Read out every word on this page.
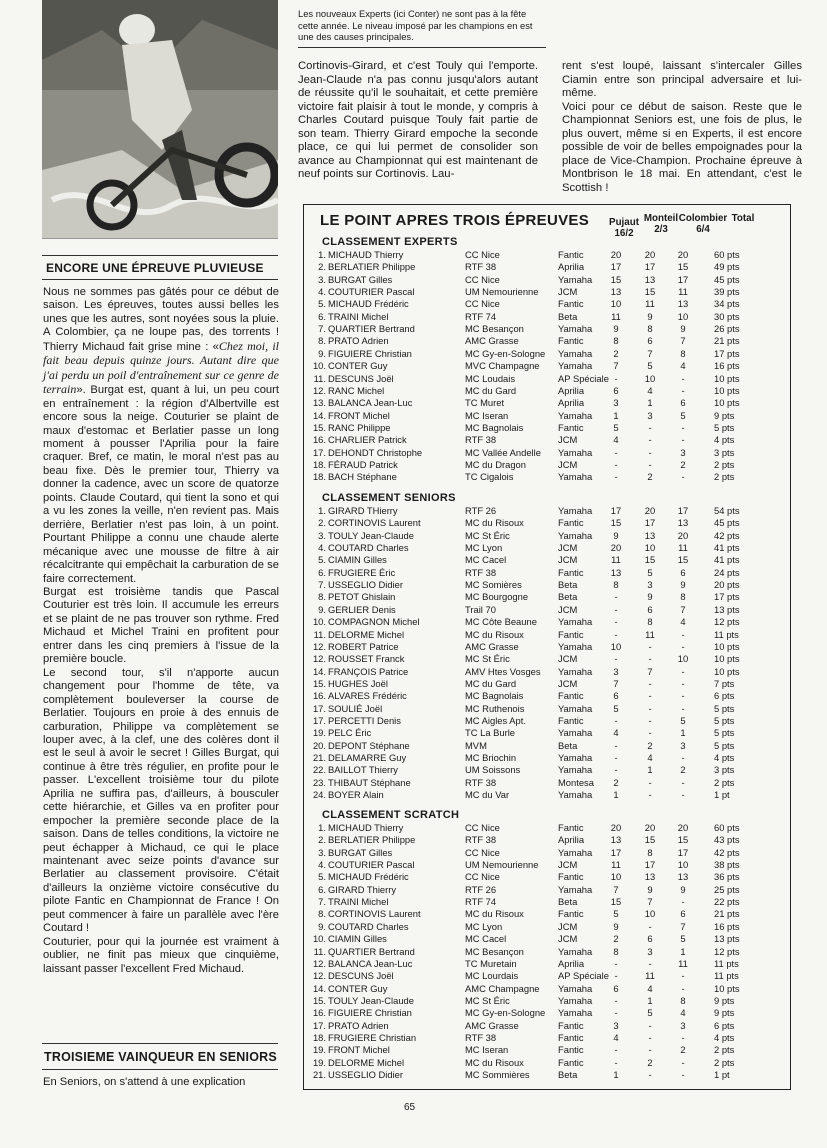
ENCORE UNE ÉPREUVE PLUVIEUSE

Nous ne sommes pas gâtés pour ce début de saison. Les épreuves, toutes aussi belles les unes que les autres, sont noyées sous la pluie. A Colombier, ça ne loupe pas, des torrents ! Thierry Michaud fait grise mine : «Chez moi, il fait beau depuis quinze jours. Autant dire que j'ai perdu un poil d'entraînement sur ce genre de terrain». Burgat est, quant à lui, un peu court en entraînement : la région d'Albertville est encore sous la neige. Couturier se plaint de maux d'estomac et Berlatier passe un long moment à pousser l'Aprilia pour la faire craquer. Bref, ce matin, le moral n'est pas au beau fixe. Dès le premier tour, Thierry va donner la cadence, avec un score de quatorze points. Claude Coutard, qui tient la sono et qui a vu les zones la veille, n'en revient pas. Mais derrière, Berlatier n'est pas loin, à un point. Pourtant Philippe a connu une chaude alerte mécanique avec une mousse de filtre à air récalcitrante qui empêchait la carburation de se faire correctement.

Burgat est troisième tandis que Pascal Couturier est très loin. Il accumule les erreurs et se plaint de ne pas trouver son rythme. Fred Michaud et Michel Traini en profitent pour entrer dans les cinq premiers à l'issue de la première boucle.

Le second tour, s'il n'apporte aucun changement pour l'homme de tête, va complètement bouleverser la course de Berlatier. Toujours en proie à des ennuis de carburation, Philippe va complètement se louper avec, à la clef, une des colères dont il est le seul à avoir le secret ! Gilles Burgat, qui continue à être très régulier, en profite pour le passer. L'excellent troisième tour du pilote Aprilia ne suffira pas, d'ailleurs, à bousculer cette hiérarchie, et Gilles va en profiter pour empocher la première seconde place de la saison. Dans de telles conditions, la victoire ne peut échapper à Michaud, ce qui le place maintenant avec seize points d'avance sur Berlatier au classement provisoire. C'était d'ailleurs la onzième victoire consécutive du pilote Fantic en Championnat de France ! On peut commencer à faire un parallèle avec l'ère Coutard !

Couturier, pour qui la journée est vraiment à oublier, ne finit pas mieux que cinquième, laissant passer l'excellent Fred Michaud.

TROISIEME VAINQUEUR EN SENIORS
En Seniors, on s'attend à une explication
Les nouveaux Experts (ici Conter) ne sont pas à la fête cette année. Le niveau imposé par les champions en est une des causes principales.
Cortinovis-Girard, et c'est Touly qui l'emporte. Jean-Claude n'a pas connu jusqu'alors autant de réussite qu'il le souhaitait, et cette première victoire fait plaisir à tout le monde, y compris à Charles Coutard puisque Touly fait partie de son team. Thierry Girard empoche la seconde place, ce qui lui permet de consolider son avance au Championnat qui est maintenant de neuf points sur Cortinovis. Lau-

rent s'est loupé, laissant s'intercaler Gilles Ciamin entre son principal adversaire et lui-même.

Voici pour ce début de saison. Reste que le Championnat Seniors est, une fois de plus, le plus ouvert, même si en Experts, il est encore possible de voir de belles empoignades pour la place de Vice-Champion. Prochaine épreuve à Montbrison le 18 mai. En attendant, c'est le Scottish !

LE POINT APRES TROIS ÉPREUVES	Pujaut
16/2
Monteil
2/3
Colombier
6/4
Total
CLASSEMENT EXPERTS
1. MICHAUD Thierry	CC Nice	Fantic	20	20	20	60 pts
2. BERLATIER Philippe	RTF 38	Aprilia	17	17	15	49 pts
3. BURGAT Gilles	CC Nice	Yamaha	15	13	17	45 pts
4. COUTURIER Pascal	UM Nemourienne	JCM	13	15	11	39 pts
5. MICHAUD Frédéric	CC Nice	Fantic	10	11	13	34 pts
6. TRAINI Michel	RTF 74	Beta	11	9	10	30 pts
7. QUARTIER Bertrand	MC Besançon	Yamaha	9	8	9	26 pts
8. PRATO Adrien	AMC Grasse	Fantic	8	6	7	21 pts
9. FIGUIERE Christian	MC Gy-en-Sologne	Yamaha	2	7	8	17 pts
10. CONTER Guy	MVC Champagne	Yamaha	7	5	4	16 pts
11. DESCUNS Joël	MC Loudais	AP Spéciale -	10	-	10 pts
12. RANC Michel	MC du Gard	Aprilia	6	4	-	10 pts
13. BALANCA Jean-Luc	TC Muret	Aprilia	3	1	6	10 pts
14. FRONT Michel	MC Iseran	Yamaha	1	3	5	9 pts
15. RANC Philippe	MC Bagnolais	Fantic	5	-	-	5 pts
16. CHARLIER Patrick	RTF 38	JCM	4	-	-	4 pts
17. DEHONDT Christophe	MC Vallée Andelle	Yamaha	-	-	3	3 pts
18. FÉRAUD Patrick	MC du Dragon	JCM	-	-	2	2 pts
18. BACH Stéphane	TC Cigalois	Yamaha	-	2	-	2 pts
CLASSEMENT SENIORS
1. GIRARD THierry	RTF 26	Yamaha	17	20	17	54 pts
2. CORTINOVIS Laurent	MC du Risoux	Fantic	15	17	13	45 pts
3. TOULY Jean-Claude	MC St Éric	Yamaha	9	13	20	42 pts
4. COUTARD Charles	MC Lyon	JCM	20	10	11	41 pts
5. CIAMIN Gilles	MC Cacel	JCM	11	15	15	41 pts
6. FRUGIERE Éric	RTF 38	Fantic	13	5	6	24 pts
7. USSEGLIO Didier	MC Somières	Beta	8	3	9	20 pts
8. PETOT Ghislain	MC Bourgogne	Beta	-	9	8	17 pts
9. GERLIER Denis	Trail 70	JCM	-	6	7	13 pts
10. COMPAGNON Michel	MC Côte Beaune	Yamaha	-	8	4	12 pts
11. DELORME Michel	MC du Risoux	Fantic	-	11	-	11 pts
12. ROBERT Patrice	AMC Grasse	Yamaha	10	-	-	10 pts
12. ROUSSET Franck	MC St Éric	JCM	-	-	10	10 pts
14. FRANÇOIS Patrice	AMV Htes Vosges	Yamaha	3	7	-	10 pts
15. HUGHES Joël	MC du Gard	JCM	7	-	-	7 pts
16. ALVARES Frédéric	MC Bagnolais	Fantic	6	-	-	6 pts
17. SOULIÉ Joël	MC Ruthenois	Yamaha	5	-	-	5 pts
17. PERCETTI Denis	MC Aigles Apt.	Fantic	-	-	5	5 pts
19. PELC Éric	TC La Burle	Yamaha	4	-	1	5 pts
20. DEPONT Stéphane	MVM	Beta	-	2	3	5 pts
21. DELAMARRE Guy	MC Briochin	Yamaha	-	4	-	4 pts
22. BAILLOT Thierry	UM Soissons	Yamaha	-	1	2	3 pts
23. THIBAUT Stéphane	RTF 38	Montesa	2	-	-	2 pts
24. BOYER Alain	MC du Var	Yamaha	1	-	-	1 pt
CLASSEMENT SCRATCH
1. MICHAUD Thierry	CC Nice	Fantic	20	20	20	60 pts
2. BERLATIER Philippe	RTF 38	Aprilia	13	15	15	43 pts
3. BURGAT Gilles	CC Nice	Yamaha	17	8	17	42 pts
4. COUTURIER Pascal	UM Nemourienne	JCM	11	17	10	38 pts
5. MICHAUD Frédéric	CC Nice	Fantic	10	13	13	36 pts
6. GIRARD Thierry	RTF 26	Yamaha	7	9	9	25 pts
7. TRAINI Michel	RTF 74	Beta	15	7	-	22 pts
8. CORTINOVIS Laurent	MC du Risoux	Fantic	5	10	6	21 pts
9. COUTARD Charles	MC Lyon	JCM	9	-	7	16 pts
10. CIAMIN Gilles	MC Cacel	JCM	2	6	5	13 pts
11. QUARTIER Bertrand	MC Besançon	Yamaha	8	3	1	12 pts
12. BALANCA Jean-Luc	TC Muretain	Aprilia	-	-	11	11 pts
12. DESCUNS Joël	MC Lourdais	AP Spéciale -	11	-	11 pts
14. CONTER Guy	AMC Champagne	Yamaha	6	4	-	10 pts
15. TOULY Jean-Claude	MC St Éric	Yamaha	-	1	8	9 pts
16. FIGUIERE Christian	MC Gy-en-Sologne	Yamaha	-	5	4	9 pts
17. PRATO Adrien	AMC Grasse	Fantic	3	-	3	6 pts
18. FRUGIERE Christian	RTF 38	Fantic	4	-	-	4 pts
19. FRONT Michel	MC Iseran	Fantic	-	-	2	2 pts
19. DELORME Michel	MC du Risoux	Fantic	-	2	-	2 pts
21. USSEGLIO Didier	MC Sommières	Beta	1	-	-	1 pt
65
